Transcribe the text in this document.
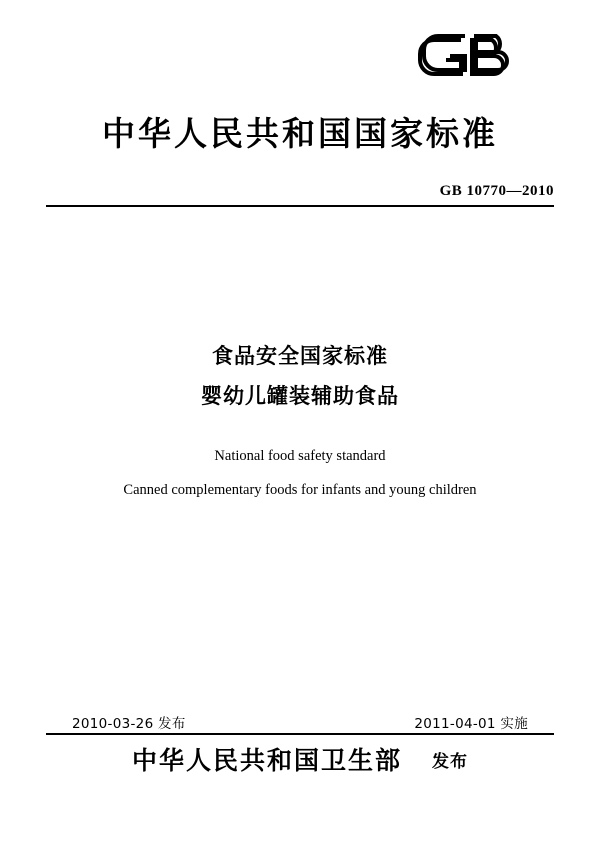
中华人民共和国国家标准
GB 10770—2010
食品安全国家标准
婴幼儿罐装辅助食品
National food safety standard
Canned complementary foods for infants and young children
2010-03-26 发布	2011-04-01 实施
中华人民共和国卫生部 发布
